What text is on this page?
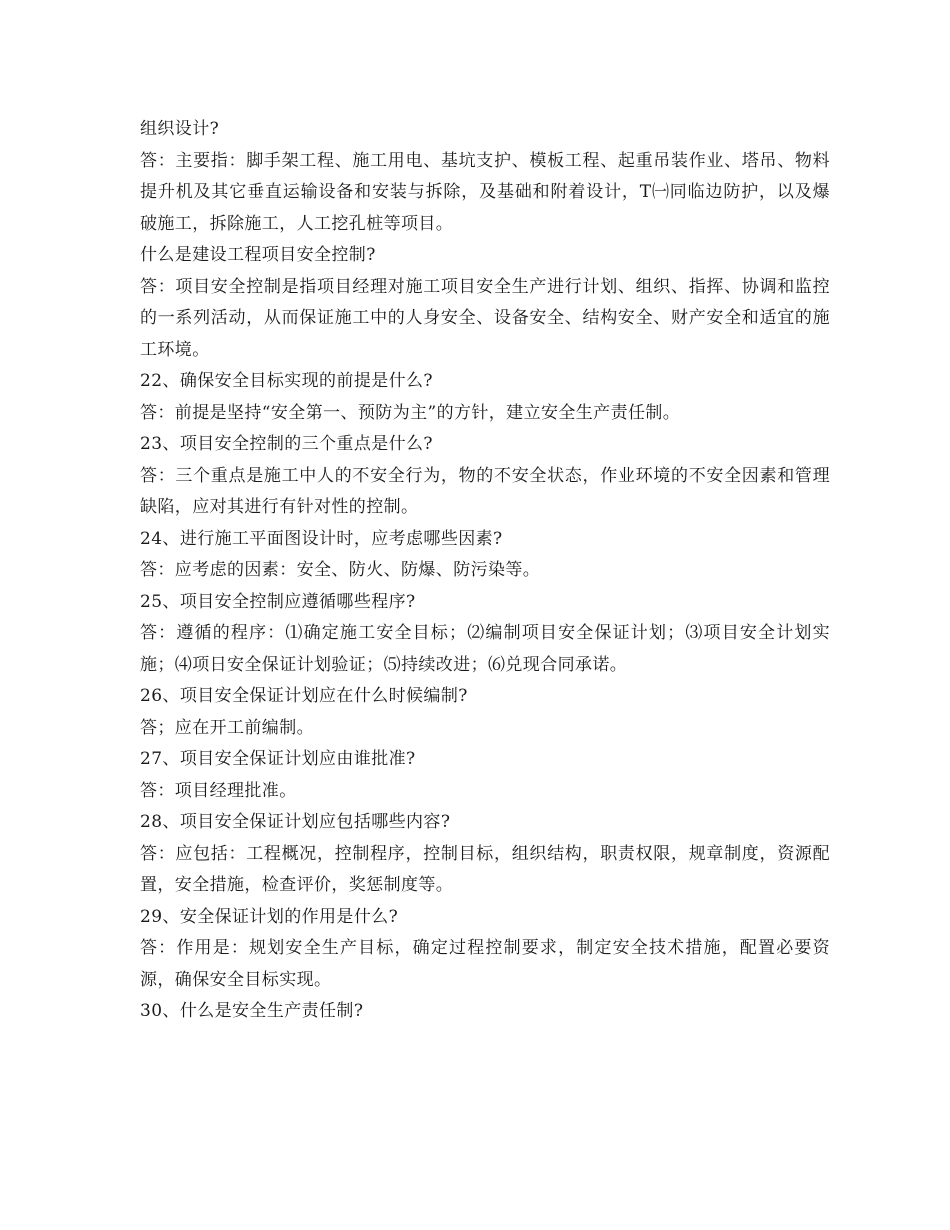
组织设计?

答：主要指：脚手架工程、施工用电、基坑支护、模板工程、起重吊装作业、塔吊、物料提升机及其它垂直运输设备和安装与拆除，及基础和附着设计，T㈠同临边防护，以及爆破施工，拆除施工，人工挖孔桩等项目。

什么是建设工程项目安全控制?

答：项目安全控制是指项目经理对施工项目安全生产进行计划、组织、指挥、协调和监控的一系列活动，从而保证施工中的人身安全、设备安全、结构安全、财产安全和适宜的施工环境。

22、确保安全目标实现的前提是什么?

答：前提是坚持“安全第一、预防为主”的方针，建立安全生产责任制。

23、项目安全控制的三个重点是什么?

答：三个重点是施工中人的不安全行为，物的不安全状态，作业环境的不安全因素和管理缺陷，应对其进行有针对性的控制。

24、进行施工平面图设计时，应考虑哪些因素?

答：应考虑的因素：安全、防火、防爆、防污染等。

25、项目安全控制应遵循哪些程序?

答：遵循的程序：⑴确定施工安全目标；⑵编制项目安全保证计划；⑶项目安全计划实施；⑷项日安全保证计划验证；⑸持续改进；⑹兑现合同承诺。

26、项目安全保证计划应在什么时候编制?

答；应在开工前编制。

27、项目安全保证计划应由谁批准?

答：项目经理批准。

28、项目安全保证计划应包括哪些内容?

答：应包括：工程概况，控制程序，控制目标，组织结构，职责权限，规章制度，资源配置，安全措施，检查评价，奖惩制度等。

29、安全保证计划的作用是什么?

答：作用是：规划安全生产目标，确定过程控制要求，制定安全技术措施，配置必要资源，确保安全目标实现。

30、什么是安全生产责任制?
